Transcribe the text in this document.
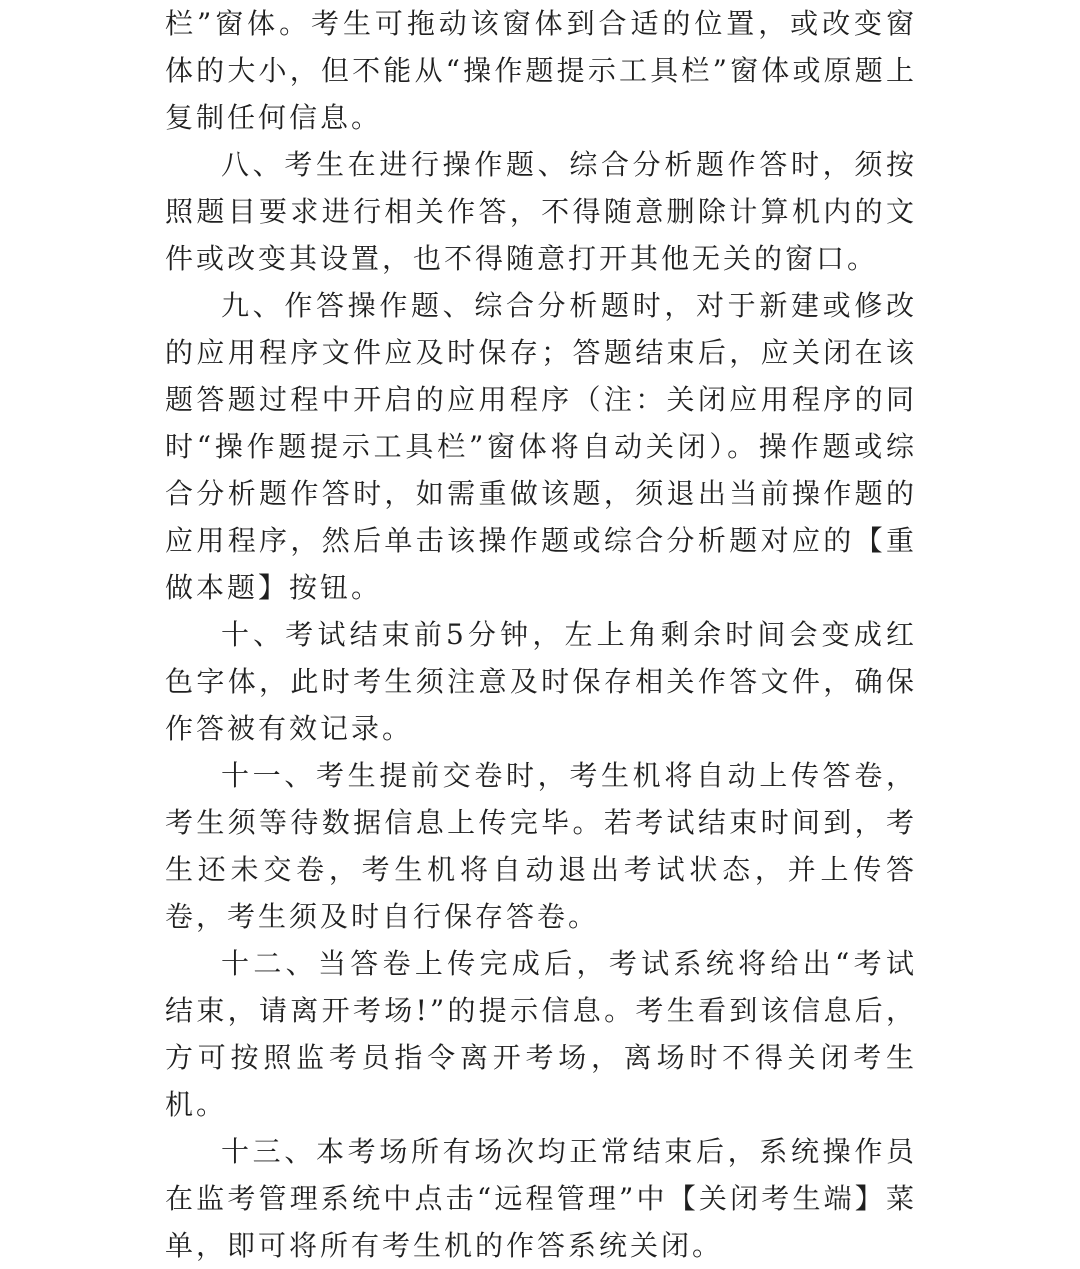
栏”窗体。考生可拖动该窗体到合适的位置，或改变窗体的大小，但不能从“操作题提示工具栏”窗体或原题上复制任何信息。

八、考生在进行操作题、综合分析题作答时，须按照题目要求进行相关作答，不得随意删除计算机内的文件或改变其设置，也不得随意打开其他无关的窗口。

九、作答操作题、综合分析题时，对于新建或修改的应用程序文件应及时保存；答题结束后，应关闭在该题答题过程中开启的应用程序（注：关闭应用程序的同时“操作题提示工具栏”窗体将自动关闭）。操作题或综合分析题作答时，如需重做该题，须退出当前操作题的应用程序，然后单击该操作题或综合分析题对应的【重做本题】按钮。

十、考试结束前5分钟，左上角剩余时间会变成红色字体，此时考生须注意及时保存相关作答文件，确保作答被有效记录。

十一、考生提前交卷时，考生机将自动上传答卷，考生须等待数据信息上传完毕。若考试结束时间到，考生还未交卷，考生机将自动退出考试状态，并上传答卷，考生须及时自行保存答卷。

十二、当答卷上传完成后，考试系统将给出“考试结束，请离开考场!”的提示信息。考生看到该信息后，方可按照监考员指令离开考场，离场时不得关闭考生机。

十三、本考场所有场次均正常结束后，系统操作员在监考管理系统中点击“远程管理”中【关闭考生端】菜单，即可将所有考生机的作答系统关闭。
